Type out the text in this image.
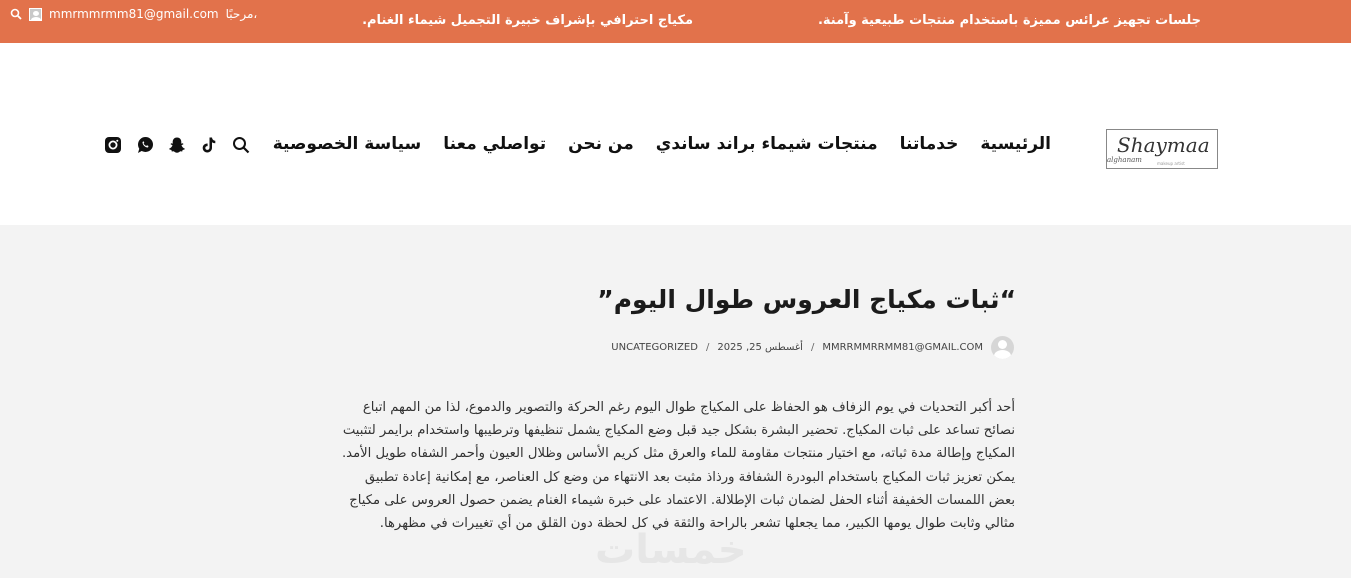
جلسات تجهيز عرائس مميزة باستخدام منتجات طبيعية وآمنة.
مكياج احترافي بإشراف خبيرة التجميل شيماء الغنام.
mmrmmrmm81@gmail.com مرحبًا،
Shaymaa
alghanam	makeup artist
الرئيسية
خدماتنا
منتجات شيماء براند ساندي
من نحن
تواصلي معنا
سياسة الخصوصية
“ثبات مكياج العروس طوال اليوم”
MMRRMMRRMM81@GMAIL.COM
/
أغسطس 25, 2025
/
UNCATEGORIZED

أحد أكبر التحديات في يوم الزفاف هو الحفاظ على المكياج طوال اليوم رغم الحركة والتصوير والدموع، لذا من المهم اتباع نصائح تساعد على ثبات المكياج. تحضير البشرة بشكل جيد قبل وضع المكياج يشمل تنظيفها وترطيبها واستخدام برايمر لتثبيت المكياج وإطالة مدة ثباته، مع اختيار منتجات مقاومة للماء والعرق مثل كريم الأساس وظلال العيون وأحمر الشفاه طويل الأمد. يمكن تعزيز ثبات المكياج باستخدام البودرة الشفافة ورذاذ مثبت بعد الانتهاء من وضع كل العناصر، مع إمكانية إعادة تطبيق بعض اللمسات الخفيفة أثناء الحفل لضمان ثبات الإطلالة. الاعتماد على خبرة شيماء الغنام يضمن حصول العروس على مكياج مثالي وثابت طوال يومها الكبير، مما يجعلها تشعر بالراحة والثقة في كل لحظة دون القلق من أي تغييرات في مظهرها.

خمسات
